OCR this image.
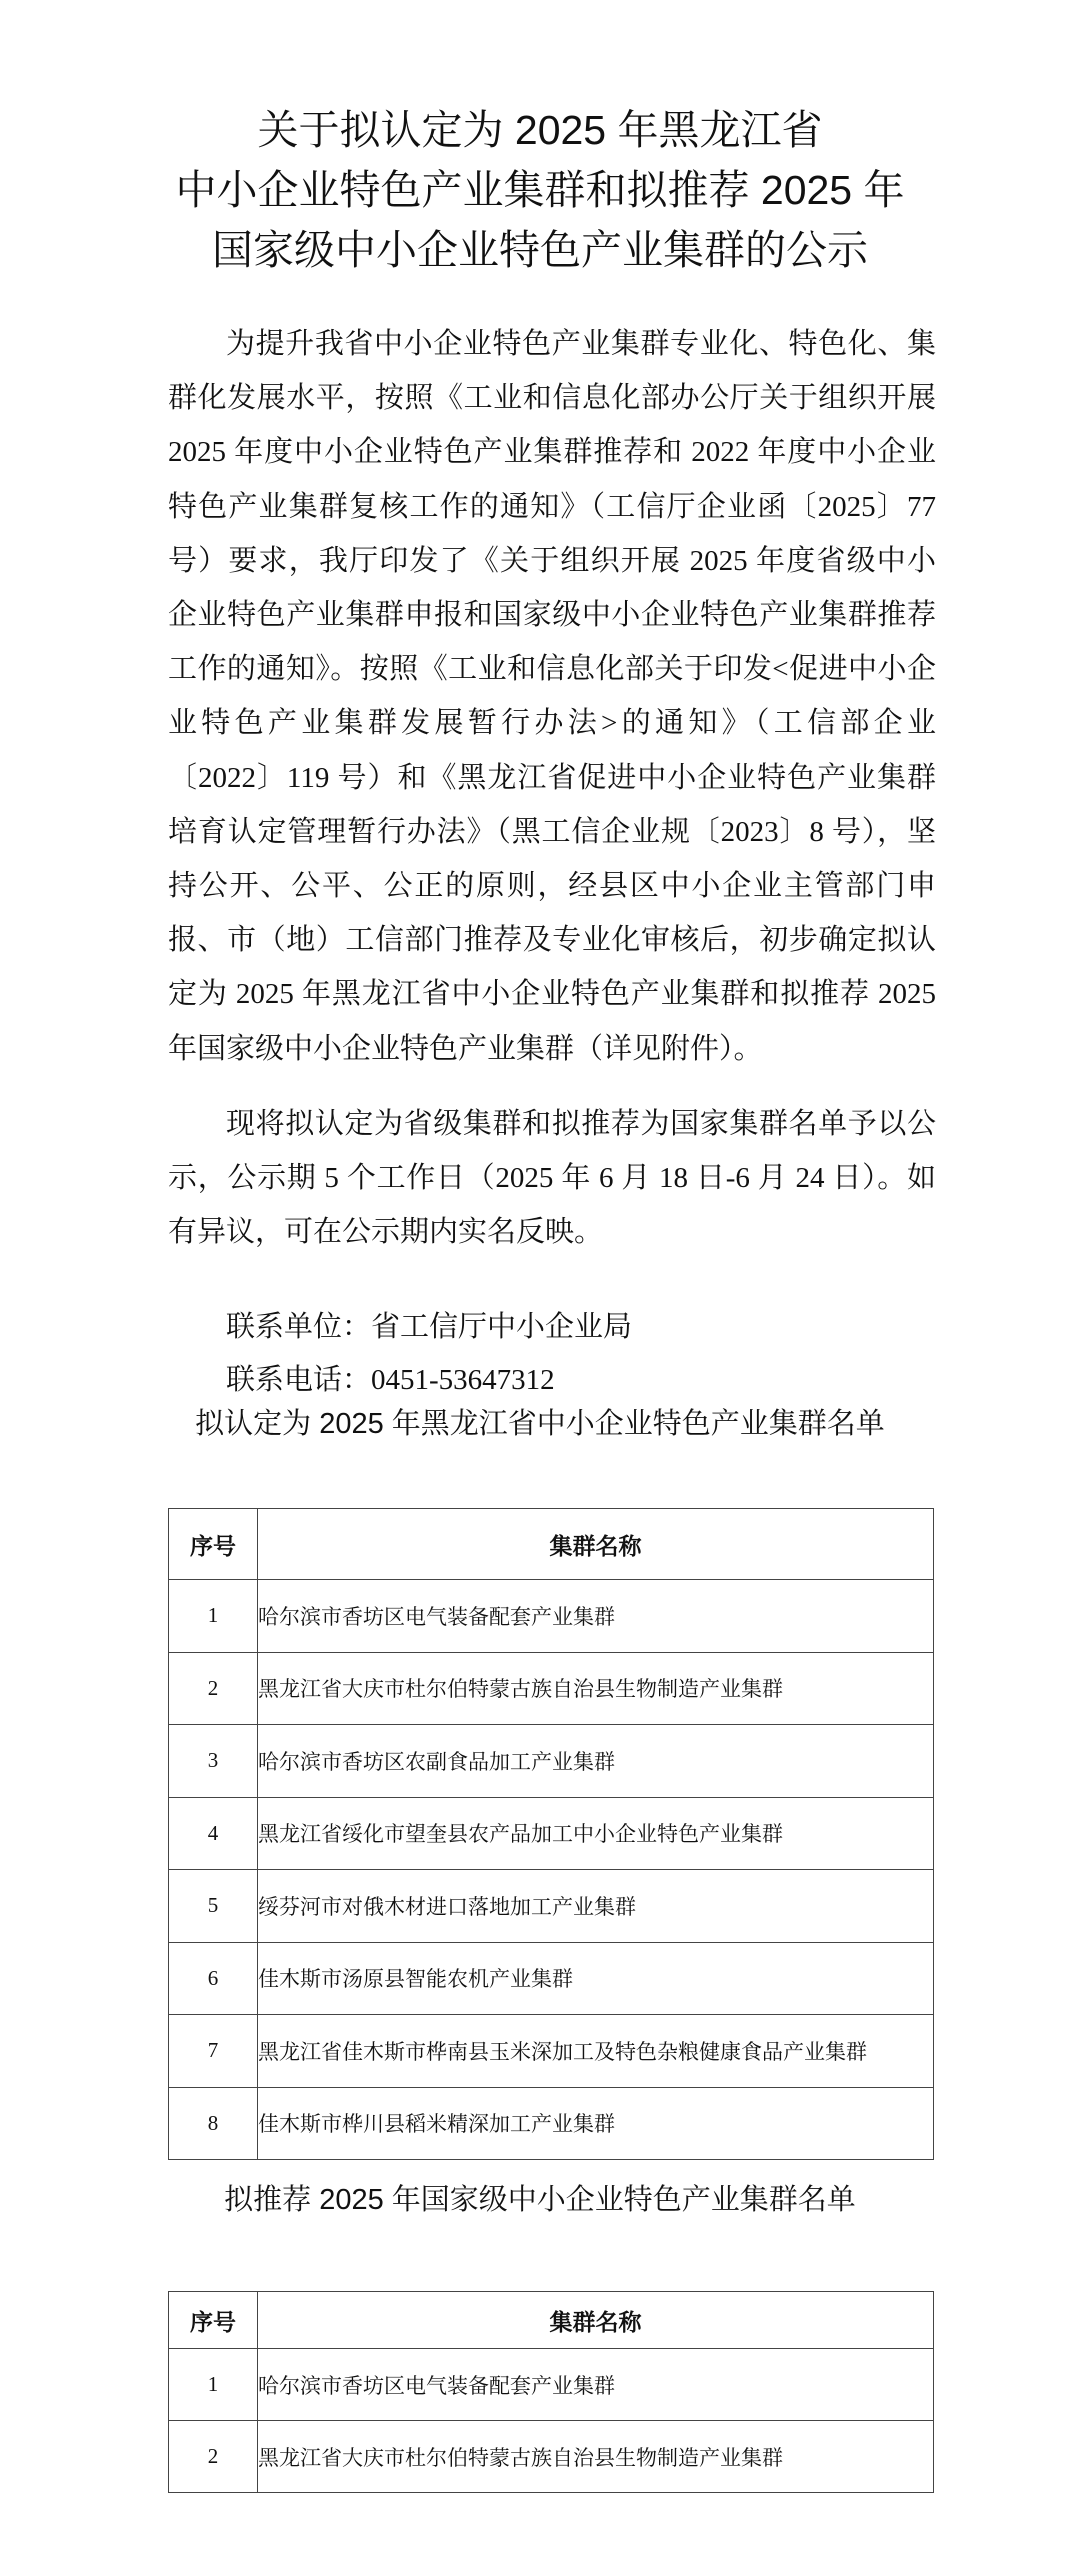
关于拟认定为 2025 年黑龙江省
中小企业特色产业集群和拟推荐 2025 年
国家级中小企业特色产业集群的公示
为提升我省中小企业特色产业集群专业化、特色化、集群化发展水平，按照《工业和信息化部办公厅关于组织开展 2025 年度中小企业特色产业集群推荐和 2022 年度中小企业特色产业集群复核工作的通知》（工信厅企业函〔2025〕77 号）要求，我厅印发了《关于组织开展 2025 年度省级中小企业特色产业集群申报和国家级中小企业特色产业集群推荐工作的通知》。按照《工业和信息化部关于印发<促进中小企业特色产业集群发展暂行办法>的通知》（工信部企业〔2022〕119 号）和《黑龙江省促进中小企业特色产业集群培育认定管理暂行办法》（黑工信企业规〔2023〕8 号），坚持公开、公平、公正的原则，经县区中小企业主管部门申报、市（地）工信部门推荐及专业化审核后，初步确定拟认定为 2025 年黑龙江省中小企业特色产业集群和拟推荐 2025 年国家级中小企业特色产业集群（详见附件）。
现将拟认定为省级集群和拟推荐为国家集群名单予以公示，公示期 5 个工作日（2025 年 6 月 18 日-6 月 24 日）。如有异议，可在公示期内实名反映。
联系单位：省工信厅中小企业局
联系电话：0451-53647312
拟认定为 2025 年黑龙江省中小企业特色产业集群名单
序号	集群名称
1	哈尔滨市香坊区电气装备配套产业集群
2	黑龙江省大庆市杜尔伯特蒙古族自治县生物制造产业集群
3	哈尔滨市香坊区农副食品加工产业集群
4	黑龙江省绥化市望奎县农产品加工中小企业特色产业集群
5	绥芬河市对俄木材进口落地加工产业集群
6	佳木斯市汤原县智能农机产业集群
7	黑龙江省佳木斯市桦南县玉米深加工及特色杂粮健康食品产业集群
8	佳木斯市桦川县稻米精深加工产业集群
拟推荐 2025 年国家级中小企业特色产业集群名单
序号	集群名称
1	哈尔滨市香坊区电气装备配套产业集群
2	黑龙江省大庆市杜尔伯特蒙古族自治县生物制造产业集群
